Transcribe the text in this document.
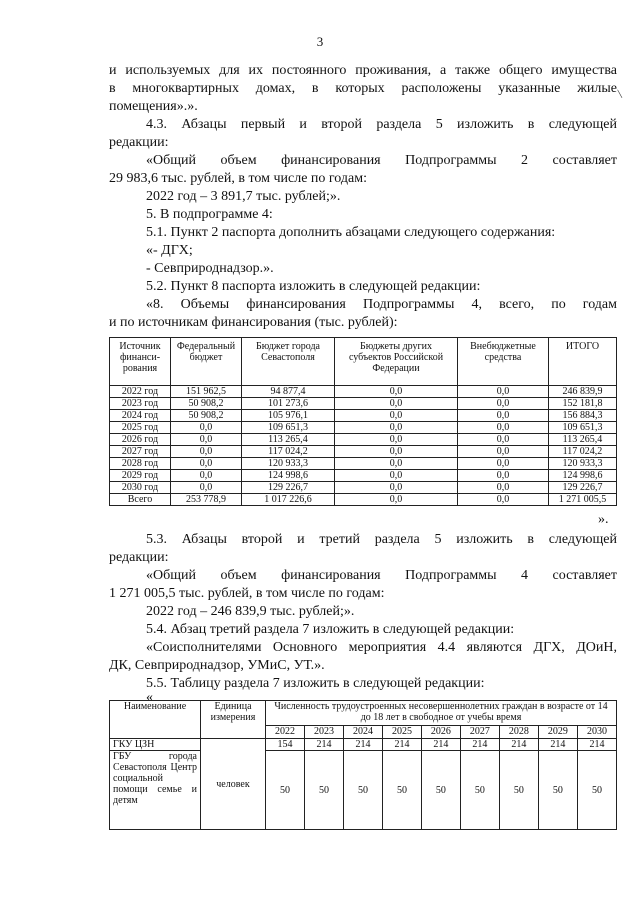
3
и используемых для их постоянного проживания, а также общего имущества
в многоквартирных домах, в которых расположены указанные жилые
помещения».».
\
4.3. Абзацы первый и второй раздела 5 изложить в следующей
редакции:
«Общий объем финансирования Подпрограммы 2 составляет
29 983,6 тыс. рублей, в том числе по годам:
2022 год – 3 891,7 тыс. рублей;».
5. В подпрограмме 4:
5.1. Пункт 2 паспорта дополнить абзацами следующего содержания:
«- ДГХ;
- Севприроднадзор.».
5.2. Пункт 8 паспорта изложить в следующей редакции:
«8. Объемы финансирования Подпрограммы 4, всего, по годам
и по источникам финансирования (тыс. рублей):
Источник финанси-рования	Федеральный бюджет	Бюджет города Севастополя	Бюджеты других субъектов Российской Федерации	Внебюджетные средства	ИТОГО
2022 год	151 962,5	94 877,4	0,0	0,0	246 839,9
2023 год	50 908,2	101 273,6	0,0	0,0	152 181,8
2024 год	50 908,2	105 976,1	0,0	0,0	156 884,3
2025 год	0,0	109 651,3	0,0	0,0	109 651,3
2026 год	0,0	113 265,4	0,0	0,0	113 265,4
2027 год	0,0	117 024,2	0,0	0,0	117 024,2
2028 год	0,0	120 933,3	0,0	0,0	120 933,3
2029 год	0,0	124 998,6	0,0	0,0	124 998,6
2030 год	0,0	129 226,7	0,0	0,0	129 226,7
Всего	253 778,9	1 017 226,6	0,0	0,0	1 271 005,5
».
5.3. Абзацы второй и третий раздела 5 изложить в следующей
редакции:
«Общий объем финансирования Подпрограммы 4 составляет
1 271 005,5 тыс. рублей, в том числе по годам:
2022 год – 246 839,9 тыс. рублей;».
5.4. Абзац третий раздела 7 изложить в следующей редакции:
«Соисполнителями Основного мероприятия 4.4 являются ДГХ, ДОиН,
ДК, Севприроднадзор, УМиС, УТ.».
5.5. Таблицу раздела 7 изложить в следующей редакции:
«
Наименование	Единица измерения	Численность трудоустроенных несовершеннолетних граждан в возрасте от 14 до 18 лет в свободное от учебы время								
		2022	2023	2024	2025	2026	2027	2028	2029	2030
ГКУ ЦЗН	человек	154	214	214	214	214	214	214	214	214
ГБУ города Севастополя Центр социальной помощи семье и детям		50	50	50	50	50	50	50	50	50
